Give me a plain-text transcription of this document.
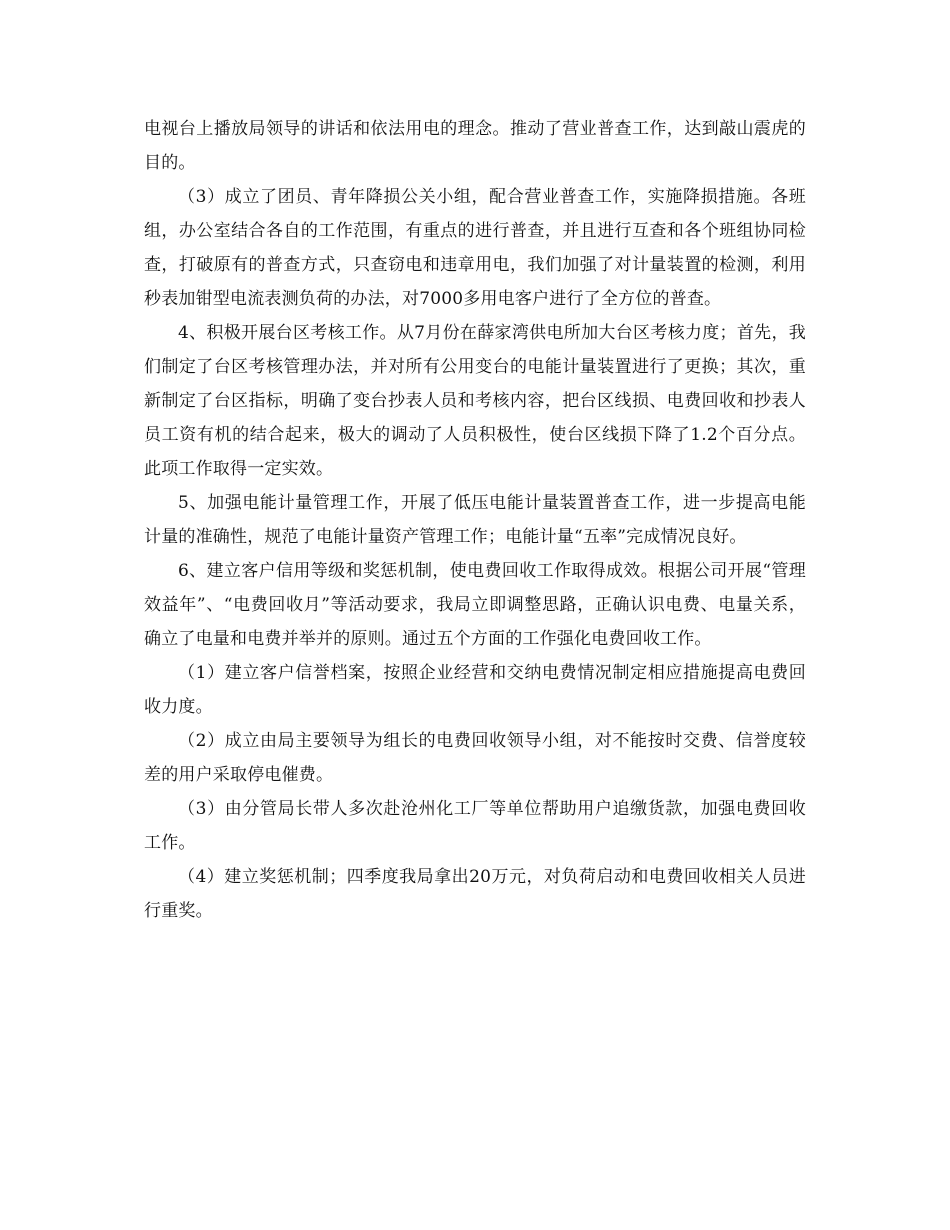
电视台上播放局领导的讲话和依法用电的理念。推动了营业普查工作，达到敲山震虎的目的。

（3）成立了团员、青年降损公关小组，配合营业普查工作，实施降损措施。各班组，办公室结合各自的工作范围，有重点的进行普查，并且进行互查和各个班组协同检查，打破原有的普查方式，只查窃电和违章用电，我们加强了对计量装置的检测，利用秒表加钳型电流表测负荷的办法，对7000多用电客户进行了全方位的普查。

4、积极开展台区考核工作。从7月份在薛家湾供电所加大台区考核力度；首先，我们制定了台区考核管理办法，并对所有公用变台的电能计量装置进行了更换；其次，重新制定了台区指标，明确了变台抄表人员和考核内容，把台区线损、电费回收和抄表人员工资有机的结合起来，极大的调动了人员积极性，使台区线损下降了1.2个百分点。此项工作取得一定实效。

5、加强电能计量管理工作，开展了低压电能计量装置普查工作，进一步提高电能计量的准确性，规范了电能计量资产管理工作；电能计量“五率”完成情况良好。

6、建立客户信用等级和奖惩机制，使电费回收工作取得成效。根据公司开展“管理效益年”、“电费回收月”等活动要求，我局立即调整思路，正确认识电费、电量关系，确立了电量和电费并举并的原则。通过五个方面的工作强化电费回收工作。

（1）建立客户信誉档案，按照企业经营和交纳电费情况制定相应措施提高电费回收力度。

（2）成立由局主要领导为组长的电费回收领导小组，对不能按时交费、信誉度较差的用户采取停电催费。

（3）由分管局长带人多次赴沧州化工厂等单位帮助用户追缴货款，加强电费回收工作。

（4）建立奖惩机制；四季度我局拿出20万元，对负荷启动和电费回收相关人员进行重奖。
